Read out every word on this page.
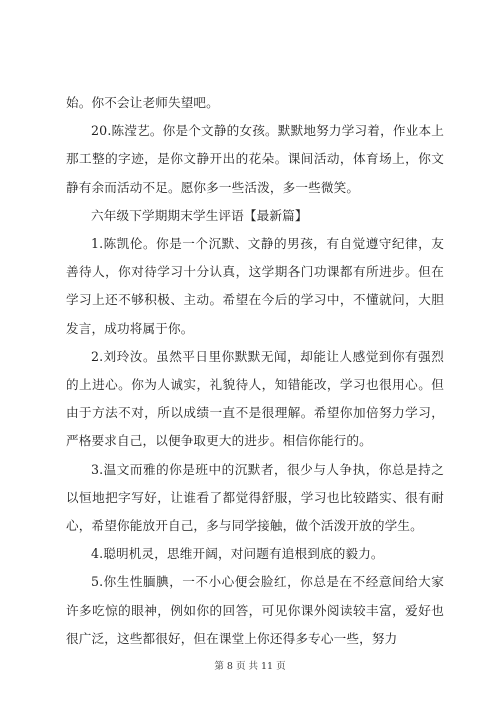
始。你不会让老师失望吧。

20.陈滢艺。你是个文静的女孩。默默地努力学习着，作业本上那工整的字迹，是你文静开出的花朵。课间活动，体育场上，你文静有余而活动不足。愿你多一些活泼，多一些微笑。

六年级下学期期末学生评语【最新篇】

1.陈凯伦。你是一个沉默、文静的男孩，有自觉遵守纪律，友善待人，你对待学习十分认真，这学期各门功课都有所进步。但在学习上还不够积极、主动。希望在今后的学习中，不懂就问，大胆发言，成功将属于你。

2.刘玲汝。虽然平日里你默默无闻，却能让人感觉到你有强烈的上进心。你为人诚实，礼貌待人，知错能改，学习也很用心。但由于方法不对，所以成绩一直不是很理解。希望你加倍努力学习，严格要求自己，以便争取更大的进步。相信你能行的。

3.温文而雅的你是班中的沉默者，很少与人争执，你总是持之以恒地把字写好，让谁看了都觉得舒服，学习也比较踏实、很有耐心，希望你能放开自己，多与同学接触，做个活泼开放的学生。

4.聪明机灵，思维开阔，对问题有追根到底的毅力。

5.你生性腼腆，一不小心便会脸红，你总是在不经意间给大家许多吃惊的眼神，例如你的回答，可见你课外阅读较丰富，爱好也很广泛，这些都很好，但在课堂上你还得多专心一些，努力

第 8 页 共 11 页
